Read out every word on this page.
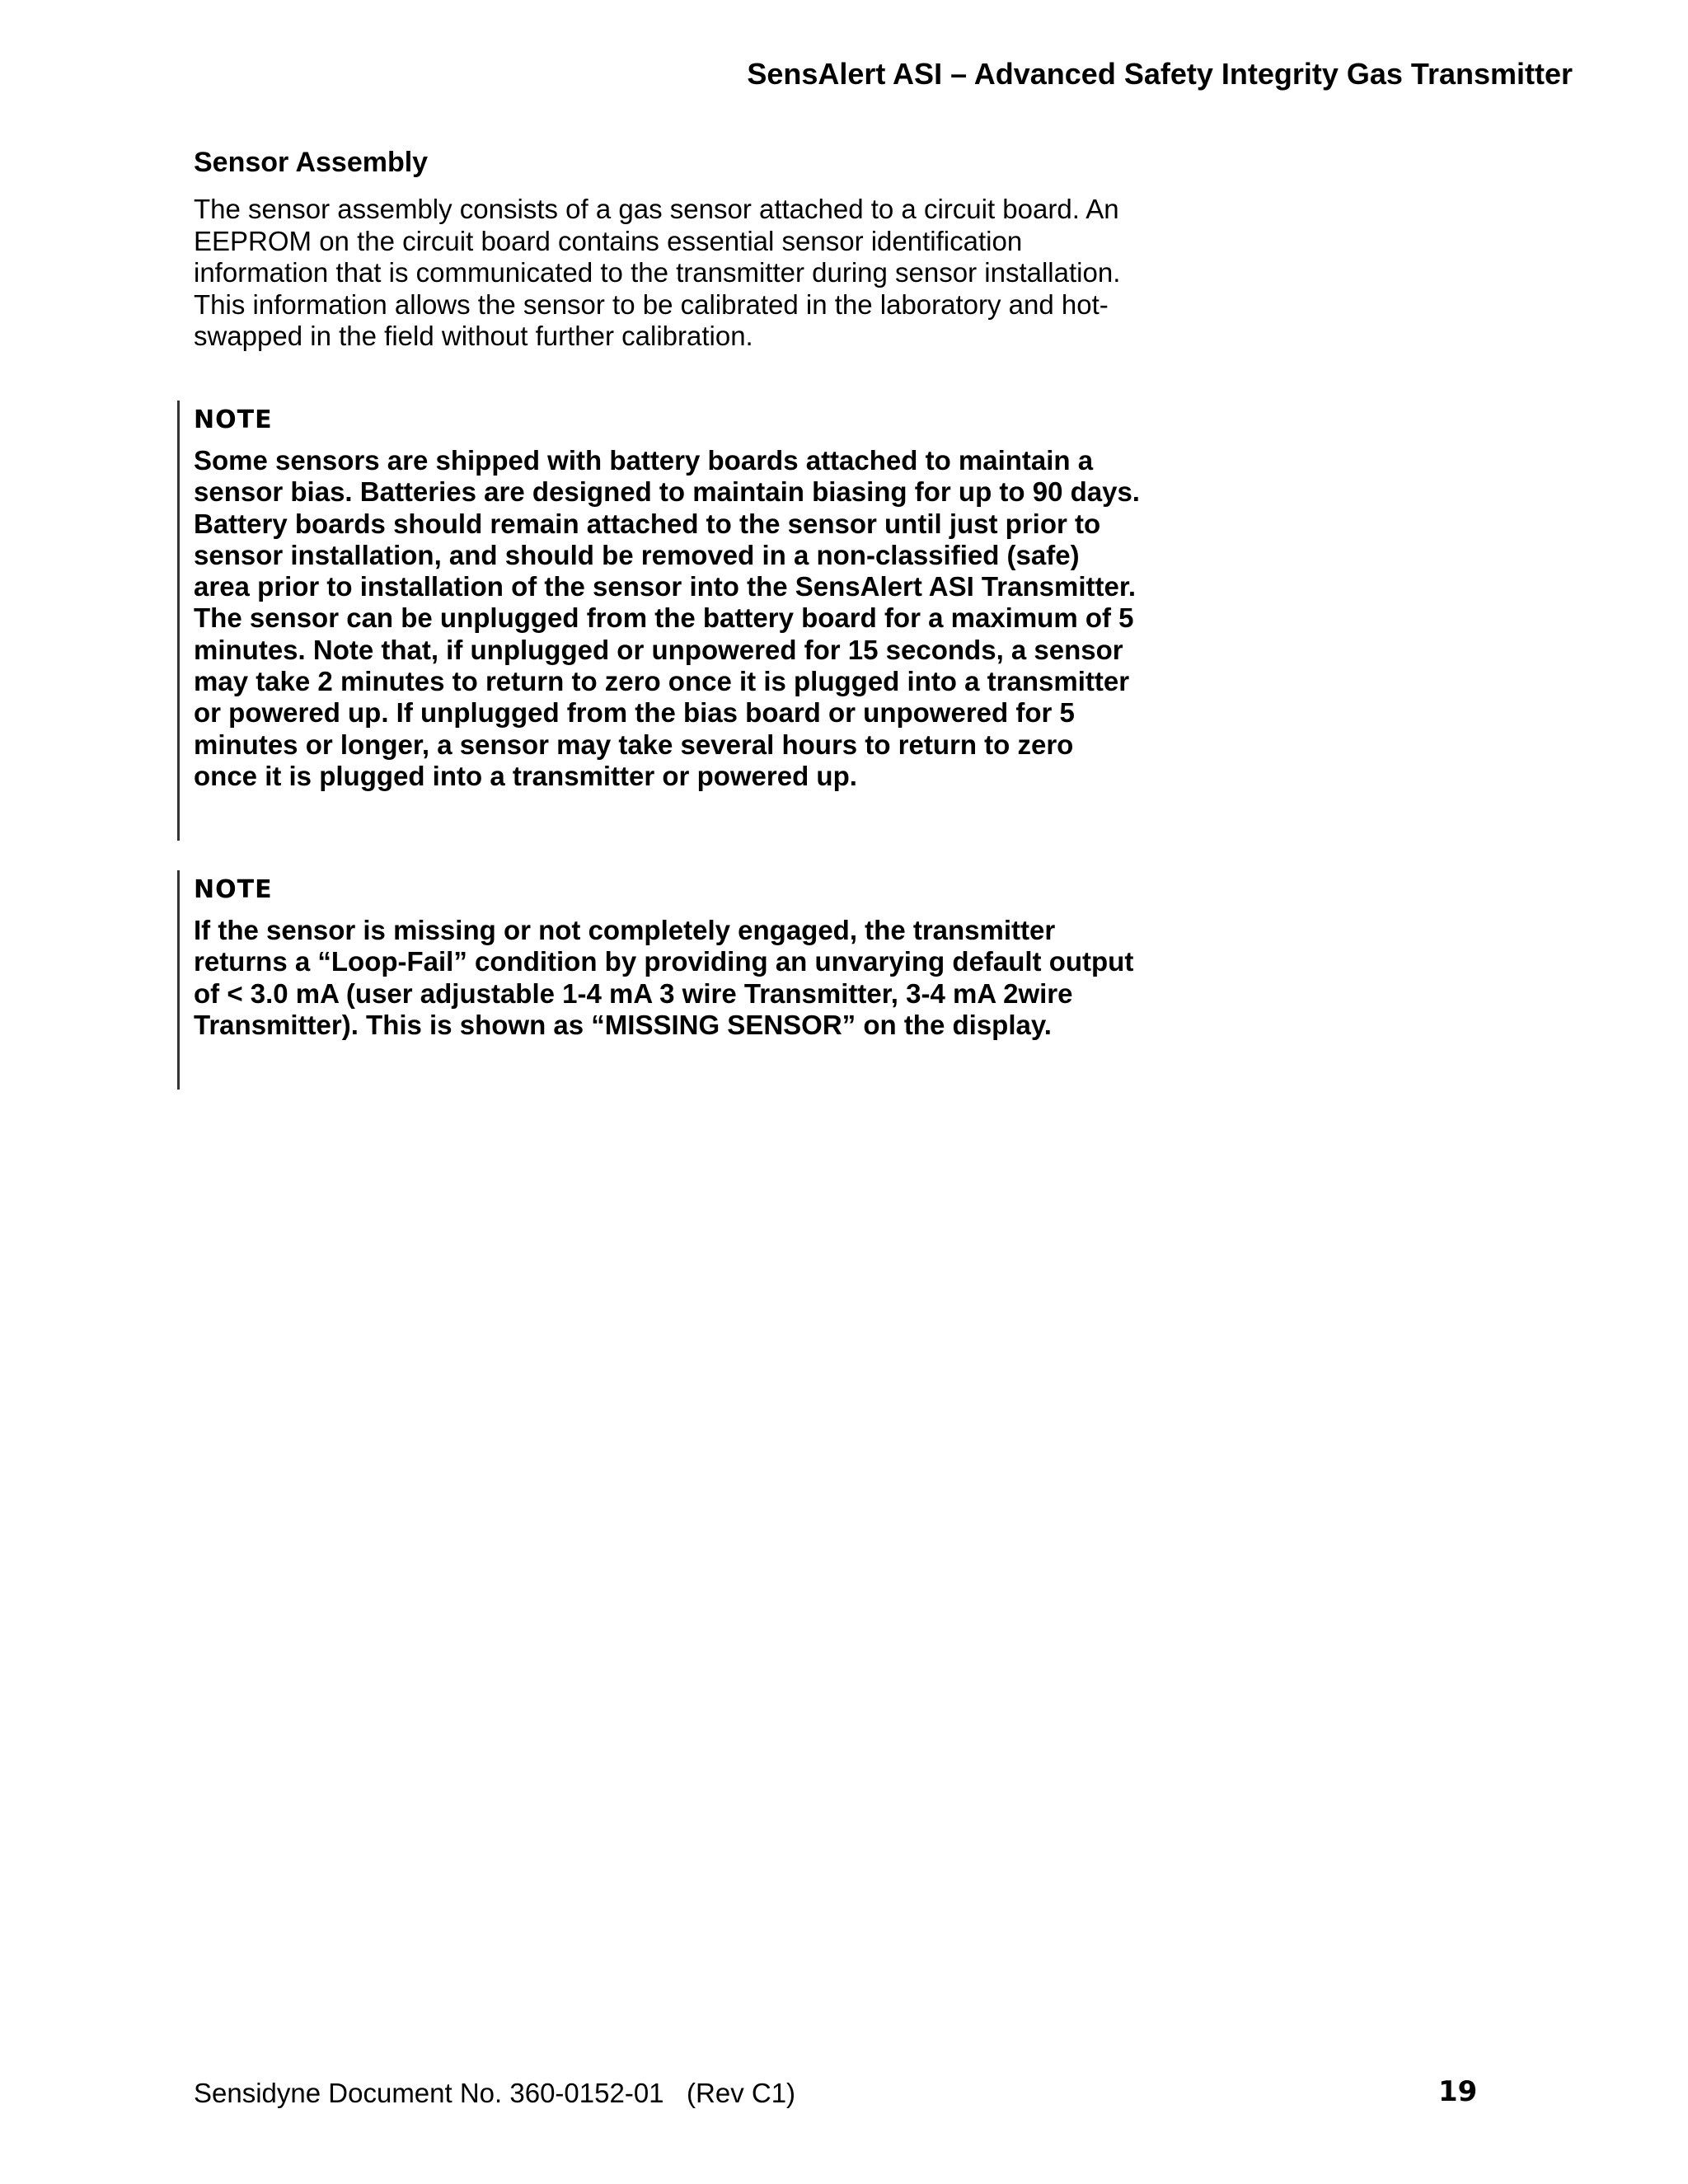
SensAlert ASI – Advanced Safety Integrity Gas Transmitter
Sensor Assembly

The sensor assembly consists of a gas sensor attached to a circuit board. An EEPROM on the circuit board contains essential sensor identification information that is communicated to the transmitter during sensor installation. This information allows the sensor to be calibrated in the laboratory and hot-swapped in the field without further calibration.

NOTE

Some sensors are shipped with battery boards attached to maintain a sensor bias. Batteries are designed to maintain biasing for up to 90 days. Battery boards should remain attached to the sensor until just prior to sensor installation, and should be removed in a non-classified (safe) area prior to installation of the sensor into the SensAlert ASI Transmitter. The sensor can be unplugged from the battery board for a maximum of 5 minutes. Note that, if unplugged or unpowered for 15 seconds, a sensor may take 2 minutes to return to zero once it is plugged into a transmitter or powered up. If unplugged from the bias board or unpowered for 5 minutes or longer, a sensor may take several hours to return to zero once it is plugged into a transmitter or powered up.

NOTE

If the sensor is missing or not completely engaged, the transmitter returns a “Loop-Fail” condition by providing an unvarying default output of < 3.0 mA (user adjustable 1-4 mA 3 wire Transmitter, 3-4 mA 2wire Transmitter). This is shown as “MISSING SENSOR” on the display.

Sensidyne Document No. 360-0152-01   (Rev C1)	19
